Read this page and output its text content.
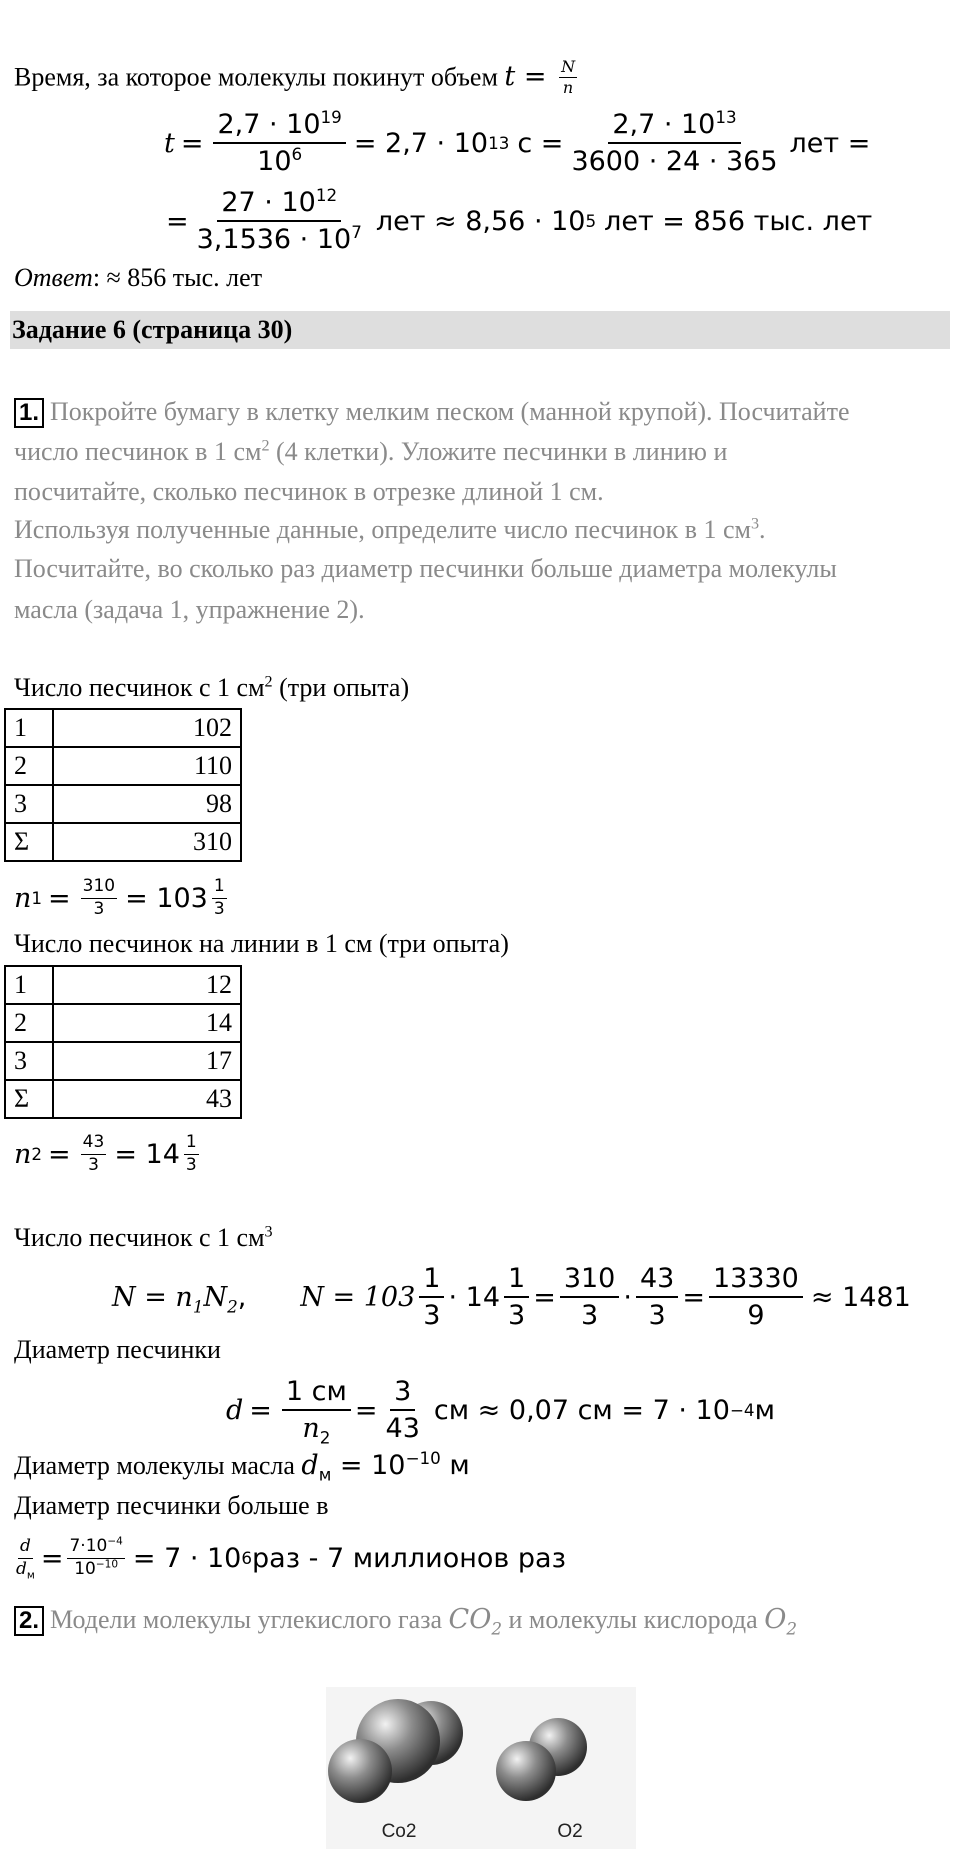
Время, за которое молекулы покинут объем $t = \frac{N}{n}$
$t = \frac{2,7 \cdot 10^{19}}{10^6} = 2,7 \cdot 10$ 13 $с = \frac{2,7 \cdot 10^{13}}{3600 \cdot 24 \cdot 365}$ лет =
= $\frac{27 \cdot 10^{12}}{3,1536 \cdot 10^7}$ лет ≈ 8,56 · 10 5 лет = 856 тыс. лет
Ответ: ≈ 856 тыс. лет
Задание 6 (страница 30)
1. Покройте бумагу в клетку мелким песком (манной крупой). Посчитайте
число песчинок в 1 $см^2$ (4 клетки). Уложите песчинки в линию и
посчитайте, сколько песчинок в отрезке длиной 1 см.
Используя полученные данные, определите число песчинок в 1 $см^3$.
Посчитайте, во сколько раз диаметр песчинки больше диаметра молекулы
масла (задача 1, упражнение 2).
Число песчинок с 1 $см^2$ (три опыта)
1	102
2	110
3	98
Σ	310
n $1 = \frac{310}{3} = 103 \frac{1}{3}$
Число песчинок на линии в 1 см (три опыта)
1	12
2	14
3	17
Σ	43
n $2 = \frac{43}{3} = 14 \frac{1}{3}$
Число песчинок с 1 $см^3$
$N = n_1N_2$, $N = 103 \frac{1}{3} \cdot 14 \frac{1}{3} = \frac{310}{3} \cdot \frac{43}{3} = \frac{13330}{9} \approx 1481$
Диаметр песчинки
$d = \frac{1 см}{n_2} = \frac{3}{43}$ см ≈ 0,07 см = 7 · 10 −4 м
Диаметр молекулы масла $d_м = 10^{-10}$ м
Диаметр песчинки больше в
$\frac{d}{d_м} = \frac{7\cdot 10^{-4}}{10^{-10}} = 7 \cdot 10$ 6 раз - 7 миллионов раз
2. Модели молекулы углекислого газа $CO_2$ и молекулы кислорода $O_2$
Co2	O2
